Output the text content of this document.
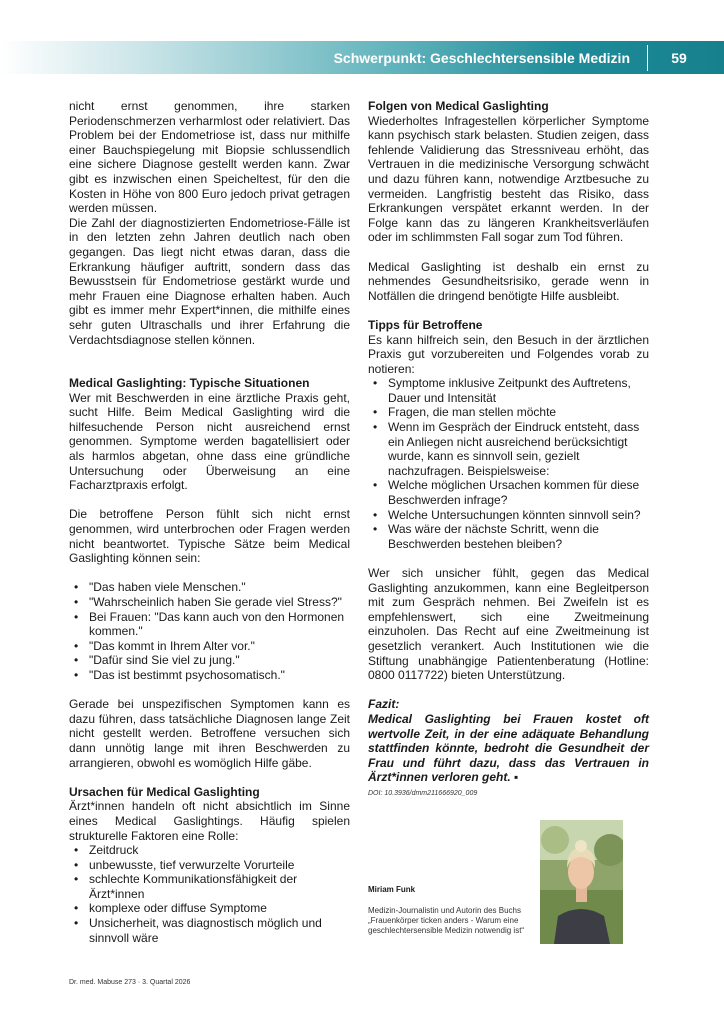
Schwerpunkt: Geschlechtersensible Medizin	59

nicht ernst genommen, ihre starken Periodenschmerzen verharmlost oder relativiert. Das Problem bei der Endometriose ist, dass nur mithilfe einer Bauchspiegelung mit Biopsie schlussendlich eine sichere Diagnose gestellt werden kann. Zwar gibt es inzwischen einen Speicheltest, für den die Kosten in Höhe von 800 Euro jedoch privat getragen werden müssen.

Die Zahl der diagnostizierten Endometriose-Fälle ist in den letzten zehn Jahren deutlich nach oben gegangen. Das liegt nicht etwas daran, dass die Erkrankung häufiger auftritt, sondern dass das Bewusstsein für Endometriose gestärkt wurde und mehr Frauen eine Diagnose erhalten haben. Auch gibt es immer mehr Expert*innen, die mithilfe eines sehr guten Ultraschalls und ihrer Erfahrung die Verdachtsdiagnose stellen können.

Medical Gaslighting: Typische Situationen

Wer mit Beschwerden in eine ärztliche Praxis geht, sucht Hilfe. Beim Medical Gaslighting wird die hilfesuchende Person nicht ausreichend ernst genommen. Symptome werden bagatellisiert oder als harmlos abgetan, ohne dass eine gründliche Untersuchung oder Überweisung an eine Facharztpraxis erfolgt.

Die betroffene Person fühlt sich nicht ernst genommen, wird unterbrochen oder Fragen werden nicht beantwortet. Typische Sätze beim Medical Gaslighting können sein:

• "Das haben viele Menschen."
• "Wahrscheinlich haben Sie gerade viel Stress?"
• Bei Frauen: "Das kann auch von den Hormonen kommen."
• "Das kommt in Ihrem Alter vor."
• "Dafür sind Sie viel zu jung."
• "Das ist bestimmt psychosomatisch."

Gerade bei unspezifischen Symptomen kann es dazu führen, dass tatsächliche Diagnosen lange Zeit nicht gestellt werden. Betroffene versuchen sich dann unnötig lange mit ihren Beschwerden zu arrangieren, obwohl es womöglich Hilfe gäbe.

Ursachen für Medical Gaslighting

Ärzt*innen handeln oft nicht absichtlich im Sinne eines Medical Gaslightings. Häufig spielen strukturelle Faktoren eine Rolle:

• Zeitdruck
• unbewusste, tief verwurzelte Vorurteile
• schlechte Kommunikationsfähigkeit der Ärzt*innen
• komplexe oder diffuse Symptome
• Unsicherheit, was diagnostisch möglich und sinnvoll wäre

Folgen von Medical Gaslighting

Wiederholtes Infragestellen körperlicher Symptome kann psychisch stark belasten. Studien zeigen, dass fehlende Validierung das Stressniveau erhöht, das Vertrauen in die medizinische Versorgung schwächt und dazu führen kann, notwendige Arztbesuche zu vermeiden. Langfristig besteht das Risiko, dass Erkrankungen verspätet erkannt werden. In der Folge kann das zu längeren Krankheitsverläufen oder im schlimmsten Fall sogar zum Tod führen.

Medical Gaslighting ist deshalb ein ernst zu nehmendes Gesundheitsrisiko, gerade wenn in Notfällen die dringend benötigte Hilfe ausbleibt.

Tipps für Betroffene

Es kann hilfreich sein, den Besuch in der ärztlichen Praxis gut vorzubereiten und Folgendes vorab zu notieren:

• Symptome inklusive Zeitpunkt des Auftretens, Dauer und Intensität
• Fragen, die man stellen möchte
• Wenn im Gespräch der Eindruck entsteht, dass ein Anliegen nicht ausreichend berücksichtigt wurde, kann es sinnvoll sein, gezielt nachzufragen. Beispielsweise:
• Welche möglichen Ursachen kommen für diese Beschwerden infrage?
• Welche Untersuchungen könnten sinnvoll sein?
• Was wäre der nächste Schritt, wenn die Beschwerden bestehen bleiben?

Wer sich unsicher fühlt, gegen das Medical Gaslighting anzukommen, kann eine Begleitperson mit zum Gespräch nehmen. Bei Zweifeln ist es empfehlenswert, sich eine Zweitmeinung einzuholen. Das Recht auf eine Zweitmeinung ist gesetzlich verankert. Auch Institutionen wie die Stiftung unabhängige Patientenberatung (Hotline: 0800 0117722) bieten Unterstützung.

Fazit:

Medical Gaslighting bei Frauen kostet oft wertvolle Zeit, in der eine adäquate Behandlung stattfinden könnte, bedroht die Gesundheit der Frau und führt dazu, dass das Vertrauen in Ärzt*innen verloren geht. ▪

DOI: 10.3936/dmm211666920_009
Miriam Funk
Medizin-Journalistin und Autorin des Buchs „Frauenkörper ticken anders - Warum eine geschlechtersensible Medizin notwendig ist“
Dr. med. Mabuse 273 · 3. Quartal 2026
